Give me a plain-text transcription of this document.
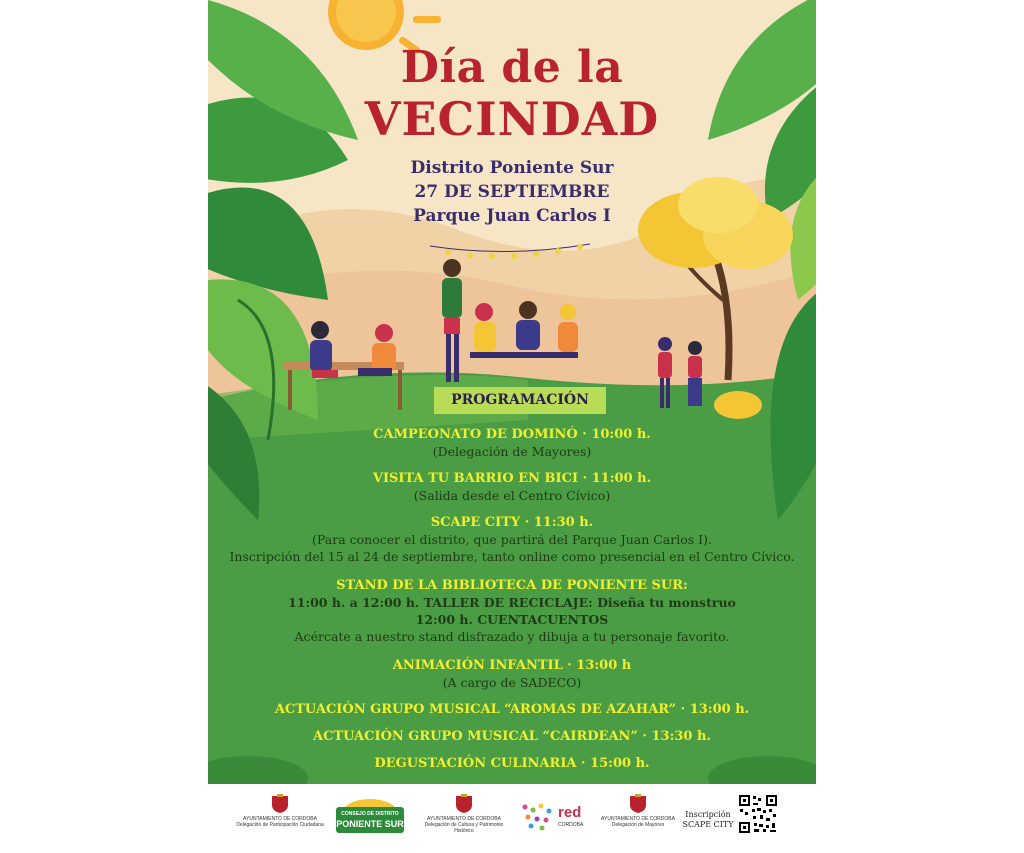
Día de la
VECINDAD
Distrito Poniente Sur
27 DE SEPTIEMBRE
Parque Juan Carlos I
PROGRAMACIÓN
CAMPEONATO DE DOMINÓ · 10:00 h.
(Delegación de Mayores)
VISITA TU BARRIO EN BICI · 11:00 h.
(Salida desde el Centro Cívico)
SCAPE CITY · 11:30 h.
(Para conocer el distrito, que partirá del Parque Juan Carlos I).
Inscripción del 15 al 24 de septiembre, tanto online como presencial en el Centro Cívico.
STAND DE LA BIBLIOTECA DE PONIENTE SUR:
11:00 h. a 12:00 h. TALLER DE RECICLAJE: Diseña tu monstruo
12:00 h. CUENTACUENTOS
Acércate a nuestro stand disfrazado y dibuja a tu personaje favorito.
ANIMACIÓN INFANTIL · 13:00 h
(A cargo de SADECO)
ACTUACIÓN GRUPO MUSICAL “AROMAS DE AZAHAR” · 13:00 h.
ACTUACIÓN GRUPO MUSICAL “CAIRDEAN” · 13:30 h.
DEGUSTACIÓN CULINARIA · 15:00 h.
AYUNTAMIENTO DE CORDOBA
Delegación de Participación Ciudadana
CONSEJO DE DISTRITO
PONIENTE SUR	AYUNTAMIENTO DE CORDOBA
Delegación de Cultura y Patrimonio Histórico
red
CORDOBA
AYUNTAMIENTO DE CORDOBA
Delegación de Mayores
Inscripción
SCAPE CITY
